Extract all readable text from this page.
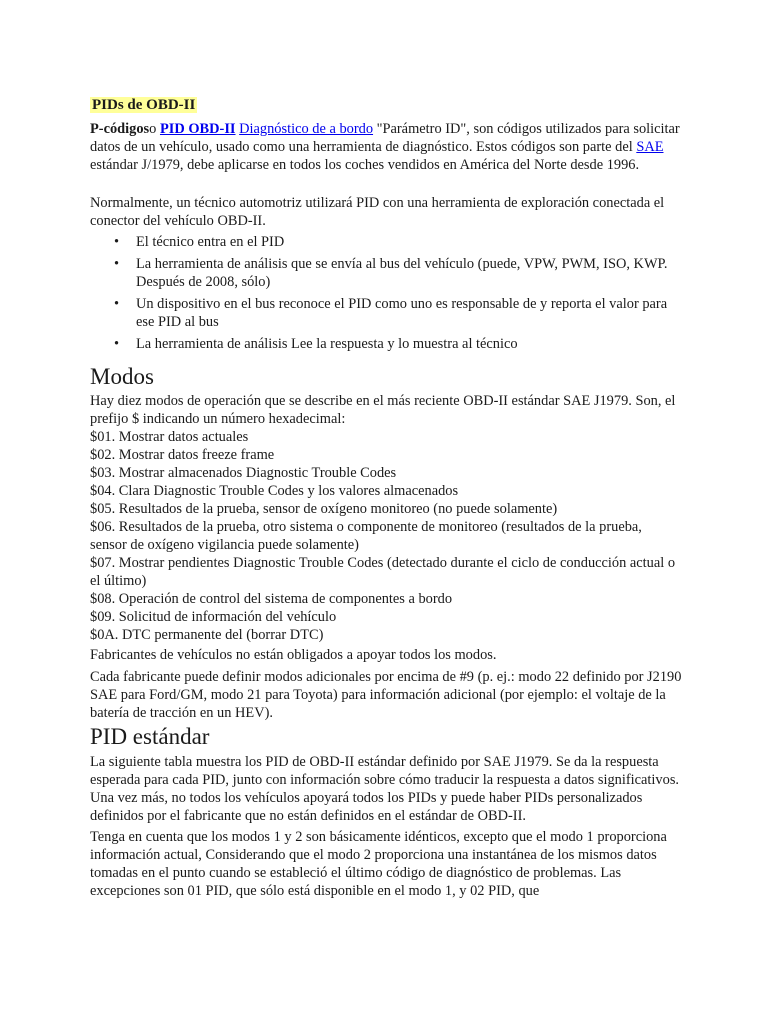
PIDs de OBD-II

P-códigoso PID OBD-II Diagnóstico de a bordo "Parámetro ID", son códigos utilizados para solicitar datos de un vehículo, usado como una herramienta de diagnóstico. Estos códigos son parte del SAE estándar J/1979, debe aplicarse en todos los coches vendidos en América del Norte desde 1996.

Normalmente, un técnico automotriz utilizará PID con una herramienta de exploración conectada el conector del vehículo OBD-II.

• El técnico entra en el PID
• La herramienta de análisis que se envía al bus del vehículo (puede, VPW, PWM, ISO, KWP. Después de 2008, sólo)
• Un dispositivo en el bus reconoce el PID como uno es responsable de y reporta el valor para ese PID al bus
• La herramienta de análisis Lee la respuesta y lo muestra al técnico
Modos

Hay diez modos de operación que se describe en el más reciente OBD-II estándar SAE J1979. Son, el prefijo $ indicando un número hexadecimal:

$01. Mostrar datos actuales
$02. Mostrar datos freeze frame
$03. Mostrar almacenados Diagnostic Trouble Codes
$04. Clara Diagnostic Trouble Codes y los valores almacenados
$05. Resultados de la prueba, sensor de oxígeno monitoreo (no puede solamente)
$06. Resultados de la prueba, otro sistema o componente de monitoreo (resultados de la prueba, sensor de oxígeno vigilancia puede solamente)
$07. Mostrar pendientes Diagnostic Trouble Codes (detectado durante el ciclo de conducción actual o el último)
$08. Operación de control del sistema de componentes a bordo
$09. Solicitud de información del vehículo
$0A. DTC permanente del (borrar DTC)

Fabricantes de vehículos no están obligados a apoyar todos los modos.

Cada fabricante puede definir modos adicionales por encima de #9 (p. ej.: modo 22 definido por J2190 SAE para Ford/GM, modo 21 para Toyota) para información adicional (por ejemplo: el voltaje de la batería de tracción en un HEV).

PID estándar

La siguiente tabla muestra los PID de OBD-II estándar definido por SAE J1979. Se da la respuesta esperada para cada PID, junto con información sobre cómo traducir la respuesta a datos significativos. Una vez más, no todos los vehículos apoyará todos los PIDs y puede haber PIDs personalizados definidos por el fabricante que no están definidos en el estándar de OBD-II.

Tenga en cuenta que los modos 1 y 2 son básicamente idénticos, excepto que el modo 1 proporciona información actual, Considerando que el modo 2 proporciona una instantánea de los mismos datos tomadas en el punto cuando se estableció el último código de diagnóstico de problemas. Las excepciones son 01 PID, que sólo está disponible en el modo 1, y 02 PID, que
